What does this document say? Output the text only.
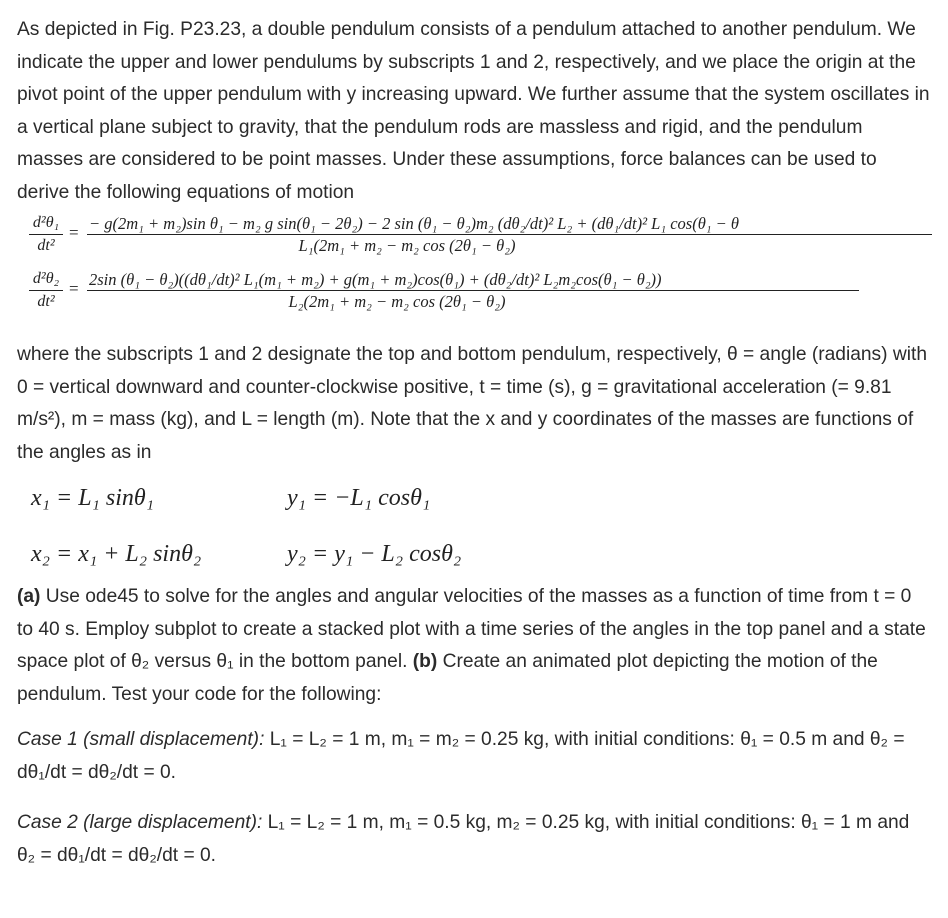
As depicted in Fig. P23.23, a double pendulum consists of a pendulum attached to another pendulum. We indicate the upper and lower pendulums by subscripts 1 and 2, respectively, and we place the origin at the pivot point of the upper pendulum with y increasing upward. We further assume that the system oscillates in a vertical plane subject to gravity, that the pendulum rods are massless and rigid, and the pendulum masses are considered to be point masses. Under these assumptions, force balances can be used to derive the following equations of motion

d²θ₁
dt²
= − g(2m₁ + m₂)sin θ₁ − m₂ g sin(θ₁ − 2θ₂) − 2 sin (θ₁ − θ₂)m₂ (dθ₂/dt)² L₂ + (dθ₁/dt)² L₁ cos(θ₁ − θ
L₁(2m₁ + m₂ − m₂ cos (2θ₁ − θ₂)
d²θ₂
dt²
= 2sin (θ₁ − θ₂)((dθ₁/dt)² L₁(m₁ + m₂) + g(m₁ + m₂)cos(θ₁) + (dθ₂/dt)² L₂m₂cos(θ₁ − θ₂))
L₂(2m₁ + m₂ − m₂ cos (2θ₁ − θ₂)

where the subscripts 1 and 2 designate the top and bottom pendulum, respectively, θ = angle (radians) with 0 = vertical downward and counter-clockwise positive, t = time (s), g = gravitational acceleration (= 9.81 m/s²), m = mass (kg), and L = length (m). Note that the x and y coordinates of the masses are functions of the angles as in

x₁ = L₁ sinθ₁	y₁ = −L₁ cosθ₁
x₂ = x₁ + L₂ sinθ₂	y₂ = y₁ − L₂ cosθ₂

(a) Use ode45 to solve for the angles and angular velocities of the masses as a function of time from t = 0 to 40 s. Employ subplot to create a stacked plot with a time series of the angles in the top panel and a state space plot of θ₂ versus θ₁ in the bottom panel. (b) Create an animated plot depicting the motion of the pendulum. Test your code for the following:

Case 1 (small displacement): L₁ = L₂ = 1 m, m₁ = m₂ = 0.25 kg, with initial conditions: θ₁ = 0.5 m and θ₂ = dθ₁/dt = dθ₂/dt = 0.

Case 2 (large displacement): L₁ = L₂ = 1 m, m₁ = 0.5 kg, m₂ = 0.25 kg, with initial conditions: θ₁ = 1 m and θ₂ = dθ₁/dt = dθ₂/dt = 0.
